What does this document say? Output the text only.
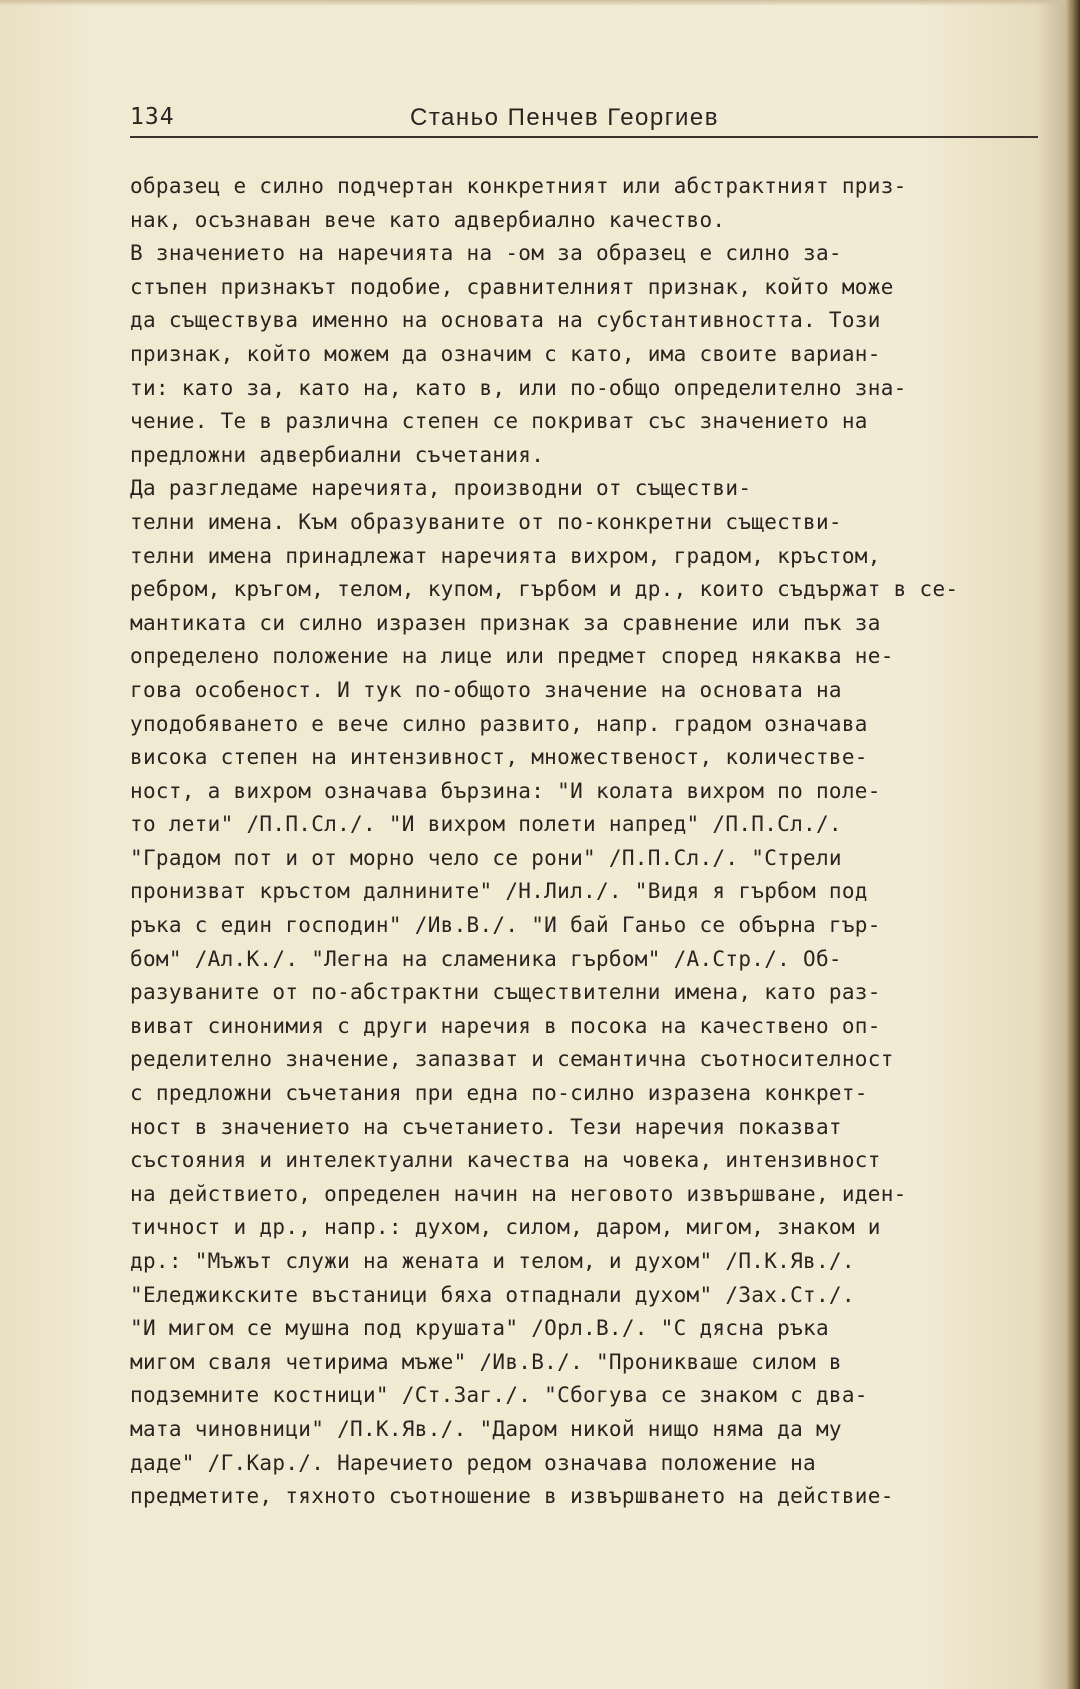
134	Станьо Пенчев Георгиев
образец е силно подчертан конкретният или абстрактният приз-
нак, осъзнаван вече като адвербиално качество.
В значението на наречията на -ом за образец е силно за-
стъпен признакът подобие, сравнителният признак, който може
да съществува именно на основата на субстантивността. Този
признак, който можем да означим с като, има своите вариан-
ти: като за, като на, като в, или по-общо определително зна-
чение. Те в различна степен се покриват със значението на
предложни адвербиални съчетания.
Да разгледаме наречията, производни от съществи-
телни имена. Към образуваните от по-конкретни съществи-
телни имена принадлежат наречията вихром, градом, кръстом,
ребром, кръгом, телом, купом, гърбом и др., които съдържат в се-
мантиката си силно изразен признак за сравнение или пък за
определено положение на лице или предмет според някаква не-
гова особеност. И тук по-общото значение на основата на
уподобяването е вече силно развито, напр. градом означава
висока степен на интензивност, множественост, количестве-
ност, а вихром означава бързина: "И колата вихром по поле-
то лети" /П.П.Сл./. "И вихром полети напред" /П.П.Сл./.
"Градом пот и от морно чело се рони" /П.П.Сл./. "Стрели
пронизват кръстом далнините" /Н.Лил./. "Видя я гърбом под
ръка с един господин" /Ив.В./. "И бай Ганьо се обърна гър-
бом" /Ал.К./. "Легна на сламеника гърбом" /А.Стр./. Об-
разуваните от по-абстрактни съществителни имена, като раз-
виват синонимия с други наречия в посока на качествено оп-
ределително значение, запазват и семантична съотносителност
с предложни съчетания при една по-силно изразена конкрет-
ност в значението на съчетанието. Тези наречия показват
състояния и интелектуални качества на човека, интензивност
на действието, определен начин на неговото извършване, иден-
тичност и др., напр.: духом, силом, даром, мигом, знаком и
др.: "Мъжът служи на жената и телом, и духом" /П.К.Яв./.
"Еледжикските въстаници бяха отпаднали духом" /Зах.Ст./.
"И мигом се мушна под крушата" /Орл.В./. "С дясна ръка
мигом сваля четирима мъже" /Ив.В./. "Проникваше силом в
подземните костници" /Ст.Заг./. "Сбогува се знаком с два-
мата чиновници" /П.К.Яв./. "Даром никой нищо няма да му
даде" /Г.Кар./. Наречието редом означава положение на
предметите, тяхното съотношение в извършването на действие-
